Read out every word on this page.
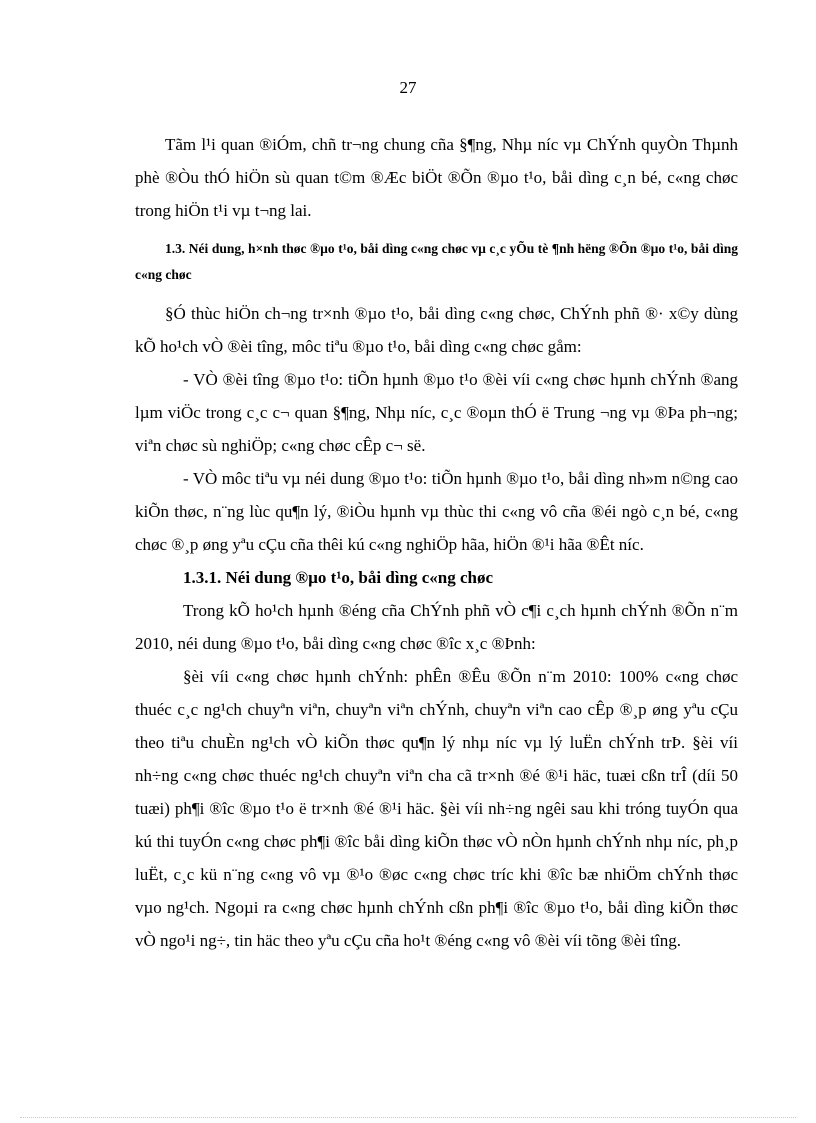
27

Tãm l¹i quan ®iÓm, chñ tr¬ng chung cña §¶ng, Nhµ níc vµ ChÝnh quyÒn Thµnh phè ®Òu thÓ hiÖn sù quan t©m ®Æc biÖt ®Õn ®µo t¹o, båi dìng c¸n bé, c«ng chøc trong hiÖn t¹i vµ t¬ng lai.

1.3. Néi dung, h×nh thøc ®µo t¹o, båi dìng c«ng chøc vµ c¸c yÕu tè ¶nh hëng ®Õn ®µo t¹o, båi dìng c«ng chøc

§Ó thùc hiÖn ch¬ng tr×nh ®µo t¹o, båi dìng c«ng chøc, ChÝnh phñ ®· x©y dùng kÕ ho¹ch vÒ ®èi tîng, môc tiªu ®µo t¹o, båi dìng c«ng chøc gåm:

- VÒ ®èi tîng ®µo t¹o: tiÕn hµnh ®µo t¹o ®èi víi c«ng chøc hµnh chÝnh ®ang lµm viÖc trong c¸c c¬ quan §¶ng, Nhµ níc, c¸c ®oµn thÓ ë Trung ¬ng vµ ®Þa ph¬ng; viªn chøc sù nghiÖp; c«ng chøc cÊp c¬ së.

- VÒ môc tiªu vµ néi dung ®µo t¹o: tiÕn hµnh ®µo t¹o, båi dìng nh»m n©ng cao kiÕn thøc, n¨ng lùc qu¶n lý, ®iÒu hµnh vµ thùc thi c«ng vô cña ®éi ngò c¸n bé, c«ng chøc ®¸p øng yªu cÇu cña thêi kú c«ng nghiÖp hãa, hiÖn ®¹i hãa ®Êt níc.

1.3.1. Néi dung ®µo t¹o, båi dìng c«ng chøc

Trong kÕ ho¹ch hµnh ®éng cña ChÝnh phñ vÒ c¶i c¸ch hµnh chÝnh ®Õn n¨m 2010, néi dung ®µo t¹o, båi dìng c«ng chøc ®îc x¸c ®Þnh:

§èi víi c«ng chøc hµnh chÝnh: phÊn ®Êu ®Õn n¨m 2010: 100% c«ng chøc thuéc c¸c ng¹ch chuyªn viªn, chuyªn viªn chÝnh, chuyªn viªn cao cÊp ®¸p øng yªu cÇu theo tiªu chuÈn ng¹ch vÒ kiÕn thøc qu¶n lý nhµ níc vµ lý luËn chÝnh trÞ. §èi víi nh÷ng c«ng chøc thuéc ng¹ch chuyªn viªn cha cã tr×nh ®é ®¹i häc, tuæi cßn trÎ (díi 50 tuæi) ph¶i ®îc ®µo t¹o ë tr×nh ®é ®¹i häc. §èi víi nh÷ng ngêi sau khi tróng tuyÓn qua kú thi tuyÓn c«ng chøc ph¶i ®îc båi dìng kiÕn thøc vÒ nÒn hµnh chÝnh nhµ níc, ph¸p luËt, c¸c kü n¨ng c«ng vô vµ ®¹o ®øc c«ng chøc tríc khi ®îc bæ nhiÖm chÝnh thøc vµo ng¹ch. Ngoµi ra c«ng chøc hµnh chÝnh cßn ph¶i ®îc ®µo t¹o, båi dìng kiÕn thøc vÒ ngo¹i ng÷, tin häc theo yªu cÇu cña ho¹t ®éng c«ng vô ®èi víi tõng ®èi tîng.
